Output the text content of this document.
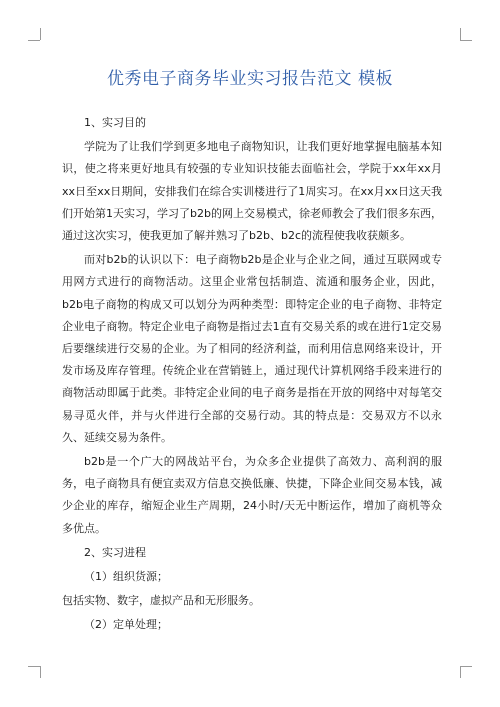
优秀电子商务毕业实习报告范文 模板

1、实习目的

学院为了让我们学到更多地电子商物知识，让我们更好地掌握电脑基本知识，使之将来更好地具有较强的专业知识技能去面临社会，学院于xx年xx月xx日至xx日期间，安排我们在综合实训楼进行了1周实习。在xx月xx日这天我们开始第1天实习，学习了b2b的网上交易模式，徐老师教会了我们很多东西，通过这次实习，使我更加了解并熟习了b2b、b2c的流程使我收获颇多。

而对b2b的认识以下：电子商物b2b是企业与企业之间，通过互联网或专用网方式进行的商物活动。这里企业常包括制造、流通和服务企业，因此，b2b电子商物的构成又可以划分为两种类型：即特定企业的电子商物、非特定企业电子商物。特定企业电子商物是指过去1直有交易关系的或在进行1定交易后要继续进行交易的企业。为了相同的经济利益，而利用信息网络来设计，开发市场及库存管理。传统企业在营销链上，通过现代计算机网络手段来进行的商物活动即属于此类。非特定企业间的电子商务是指在开放的网络中对每笔交易寻觅火伴，并与火伴进行全部的交易行动。其的特点是：交易双方不以永久、延续交易为条件。

b2b是一个广大的网战站平台，为众多企业提供了高效力、高利润的服务，电子商物具有便宜卖双方信息交换低廉、快捷，下降企业间交易本钱，减少企业的库存，缩短企业生产周期，24小时/天无中断运作，增加了商机等众多优点。

2、实习进程

（1）组织货源；

包括实物、数字，虚拟产品和无形服务。

（2）定单处理；
